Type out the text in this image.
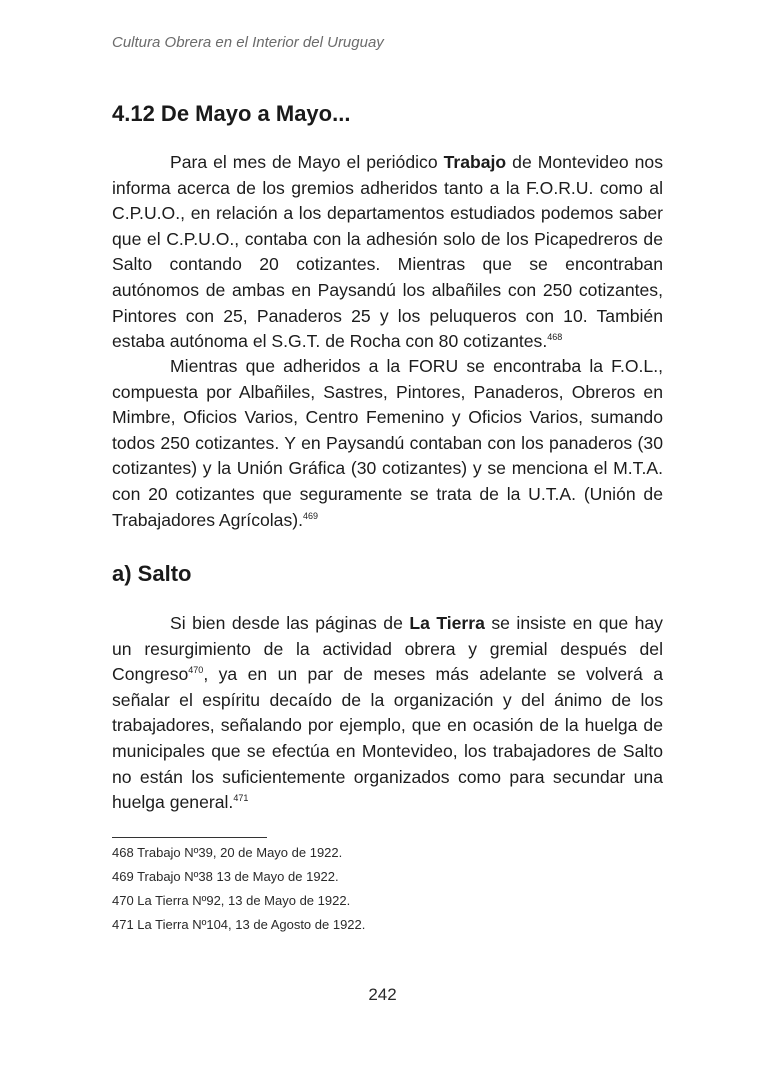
Cultura Obrera en el Interior del Uruguay
4.12 De Mayo a Mayo...

Para el mes de Mayo el periódico Trabajo de Montevideo nos informa acerca de los gremios adheridos tanto a la F.O.R.U. como al C.P.U.O., en relación a los departamentos estudiados podemos saber que el C.P.U.O., contaba con la adhesión solo de los Picapedreros de Salto contando 20 cotizantes. Mientras que se encontraban autónomos de ambas en Paysandú los albañiles con 250 cotizantes, Pintores con 25, Panaderos 25 y los peluqueros con 10. También estaba autónoma el S.G.T. de Rocha con 80 cotizantes.$^{468}$

Mientras que adheridos a la FORU se encontraba la F.O.L., compuesta por Albañiles, Sastres, Pintores, Panaderos, Obreros en Mimbre, Oficios Varios, Centro Femenino y Oficios Varios, sumando todos 250 cotizantes. Y en Paysandú contaban con los panaderos (30 cotizantes) y la Unión Gráfica (30 cotizantes) y se menciona el M.T.A. con 20 cotizantes que seguramente se trata de la U.T.A. (Unión de Trabajadores Agrícolas).$^{469}$

a) Salto

Si bien desde las páginas de La Tierra se insiste en que hay un resurgimiento de la actividad obrera y gremial después del Congreso$^{470}$, ya en un par de meses más adelante se volverá a señalar el espíritu decaído de la organización y del ánimo de los trabajadores, señalando por ejemplo, que en ocasión de la huelga de municipales que se efectúa en Montevideo, los trabajadores de Salto no están los suficientemente organizados como para secundar una huelga general.$^{471}$

468 Trabajo Nº39, 20 de Mayo de 1922.
469 Trabajo Nº38 13 de Mayo de 1922.
470 La Tierra Nº92, 13 de Mayo de 1922.
471 La Tierra Nº104, 13 de Agosto de 1922.
242
